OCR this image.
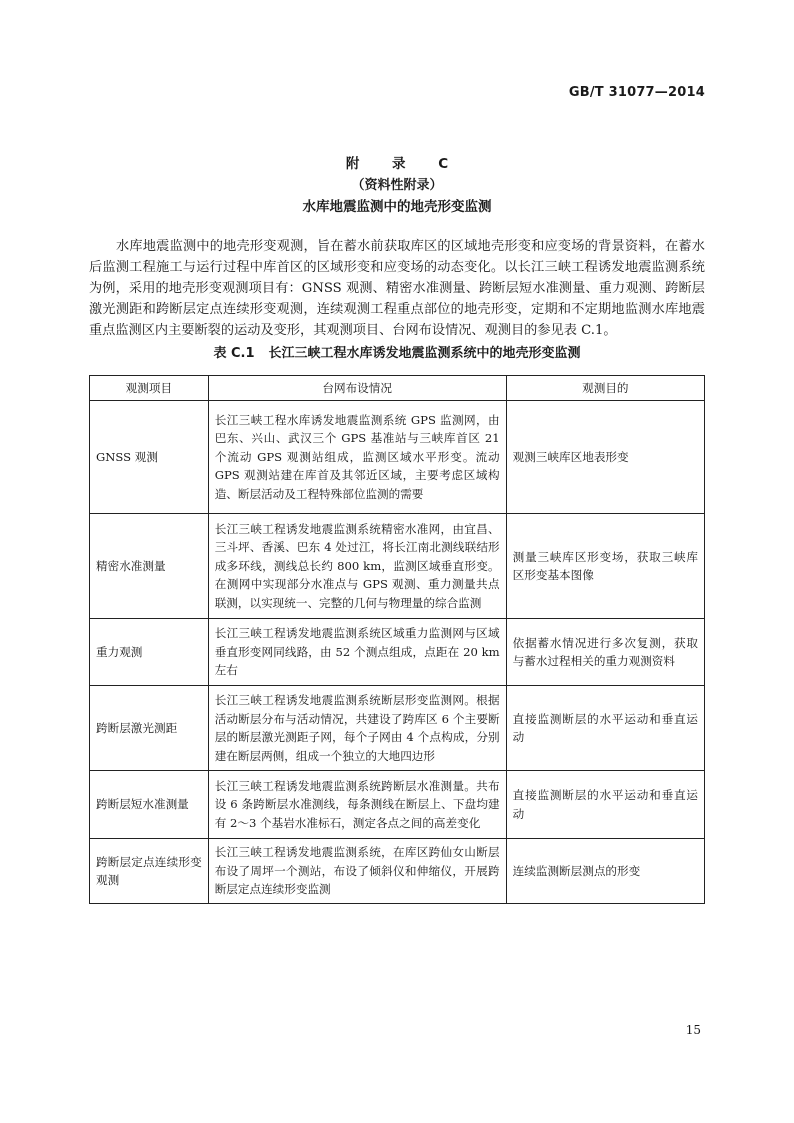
GB/T 31077—2014
附 录 C
（资料性附录）
水库地震监测中的地壳形变监测

水库地震监测中的地壳形变观测，旨在蓄水前获取库区的区域地壳形变和应变场的背景资料，在蓄水后监测工程施工与运行过程中库首区的区域形变和应变场的动态变化。以长江三峡工程诱发地震监测系统为例，采用的地壳形变观测项目有：GNSS 观测、精密水准测量、跨断层短水准测量、重力观测、跨断层激光测距和跨断层定点连续形变观测，连续观测工程重点部位的地壳形变，定期和不定期地监测水库地震重点监测区内主要断裂的运动及变形，其观测项目、台网布设情况、观测目的参见表 C.1。

表 C.1 长江三峡工程水库诱发地震监测系统中的地壳形变监测
观测项目	台网布设情况	观测目的
GNSS 观测	长江三峡工程水库诱发地震监测系统 GPS 监测网，由巴东、兴山、武汉三个 GPS 基准站与三峡库首区 21 个流动 GPS 观测站组成，监测区域水平形变。流动 GPS 观测站建在库首及其邻近区域，主要考虑区域构造、断层活动及工程特殊部位监测的需要	观测三峡库区地表形变
精密水准测量	长江三峡工程诱发地震监测系统精密水准网，由宜昌、三斗坪、香溪、巴东 4 处过江，将长江南北测线联结形成多环线，测线总长约 800 km，监测区域垂直形变。在测网中实现部分水准点与 GPS 观测、重力测量共点联测，以实现统一、完整的几何与物理量的综合监测	测量三峡库区形变场，获取三峡库区形变基本图像
重力观测	长江三峡工程诱发地震监测系统区域重力监测网与区域垂直形变网同线路，由 52 个测点组成，点距在 20 km 左右	依据蓄水情况进行多次复测，获取与蓄水过程相关的重力观测资料
跨断层激光测距	长江三峡工程诱发地震监测系统断层形变监测网。根据活动断层分布与活动情况，共建设了跨库区 6 个主要断层的断层激光测距子网，每个子网由 4 个点构成，分别建在断层两侧，组成一个独立的大地四边形	直接监测断层的水平运动和垂直运动
跨断层短水准测量	长江三峡工程诱发地震监测系统跨断层水准测量。共布设 6 条跨断层水准测线，每条测线在断层上、下盘均建有 2～3 个基岩水准标石，测定各点之间的高差变化	直接监测断层的水平运动和垂直运动
跨断层定点连续形变观测	长江三峡工程诱发地震监测系统，在库区跨仙女山断层布设了周坪一个测站，布设了倾斜仪和伸缩仪，开展跨断层定点连续形变监测	连续监测断层测点的形变
15
